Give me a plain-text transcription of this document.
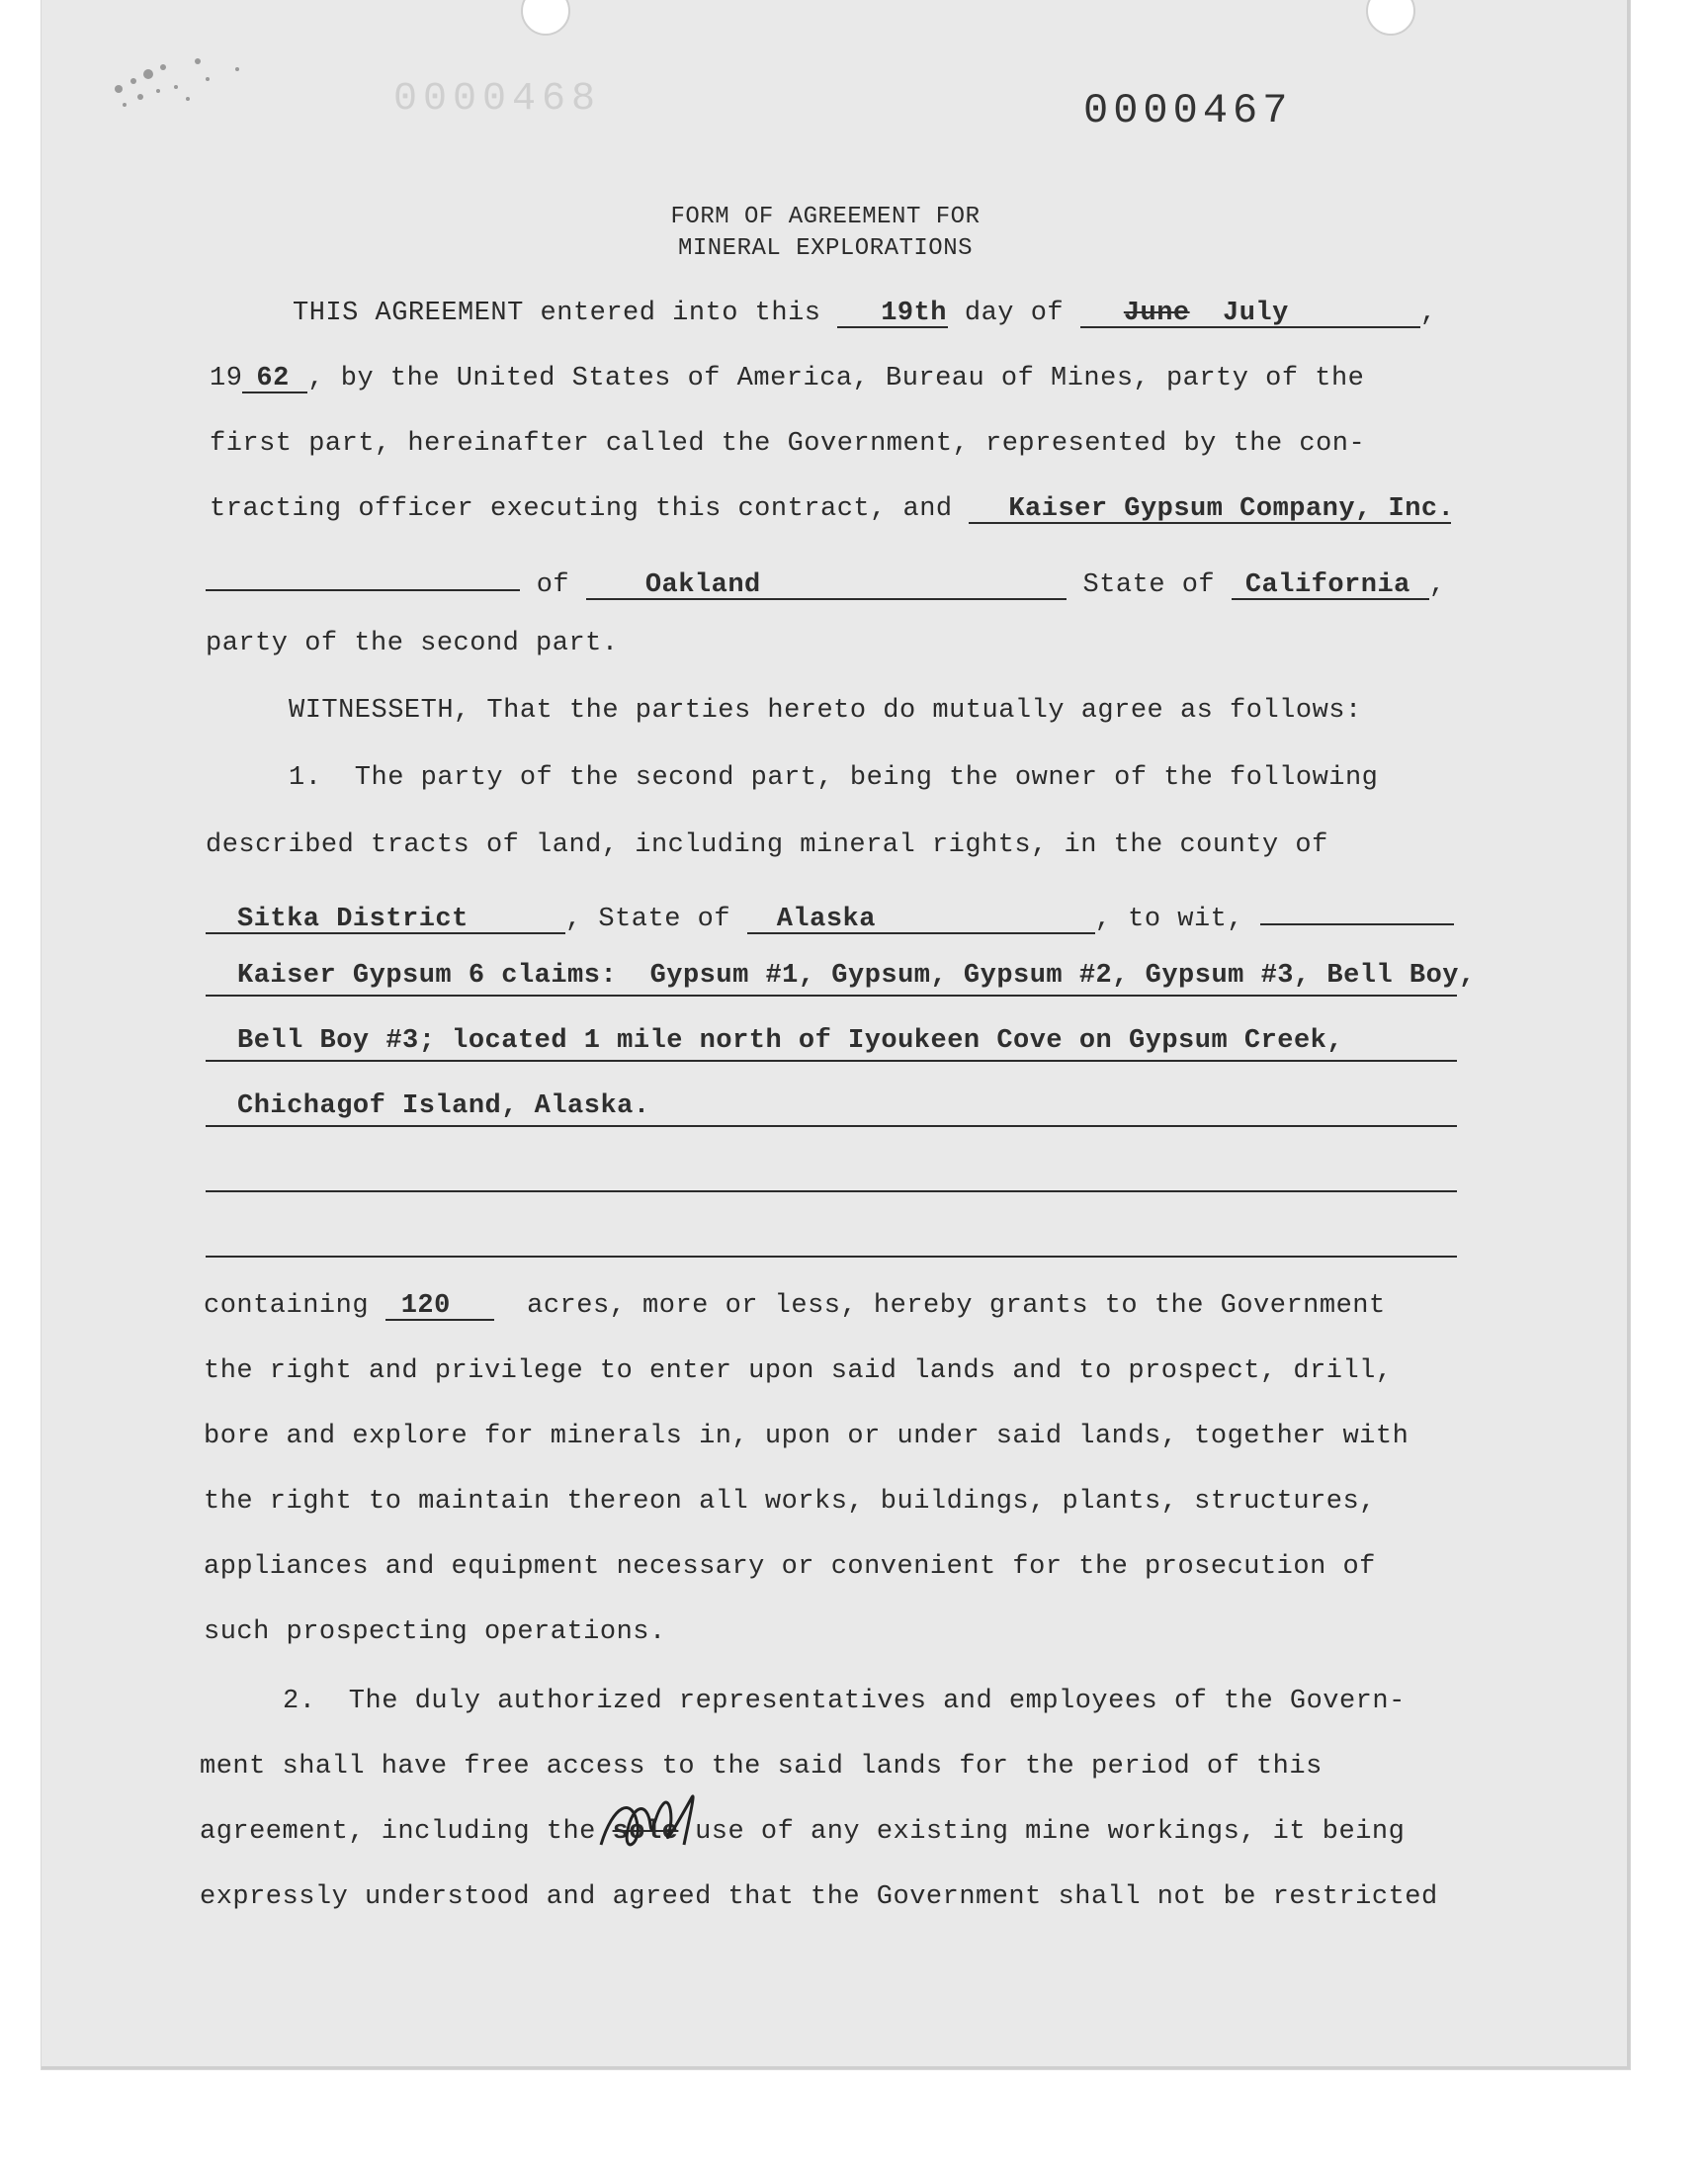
0000468	0000467
FORM OF AGREEMENT FOR
MINERAL EXPLORATIONS
THIS AGREEMENT entered into this 19th day of June July	,
19 62 , by the United States of America, Bureau of Mines, party of the
first part, hereinafter called the Government, represented by the con-
tracting officer executing this contract, and Kaiser Gypsum Company, Inc.
of Oakland	State of California ,
party of the second part.
WITNESSETH, That the parties hereto do mutually agree as follows:
1.  The party of the second part, being the owner of the following
described tracts of land, including mineral rights, in the county of
Sitka District	, State of Alaska	, to wit,
Kaiser Gypsum 6 claims:  Gypsum #1, Gypsum, Gypsum #2, Gypsum #3, Bell Boy,
Bell Boy #3; located 1 mile north of Iyoukeen Cove on Gypsum Creek,
Chichagof Island, Alaska.
containing 120  acres, more or less, hereby grants to the Government
the right and privilege to enter upon said lands and to prospect, drill,
bore and explore for minerals in, upon or under said lands, together with
the right to maintain thereon all works, buildings, plants, structures,
appliances and equipment necessary or convenient for the prosecution of
such prospecting operations.
2.  The duly authorized representatives and employees of the Govern-
ment shall have free access to the said lands for the period of this
agreement, including the sole use of any existing mine workings, it being
expressly understood and agreed that the Government shall not be restricted
